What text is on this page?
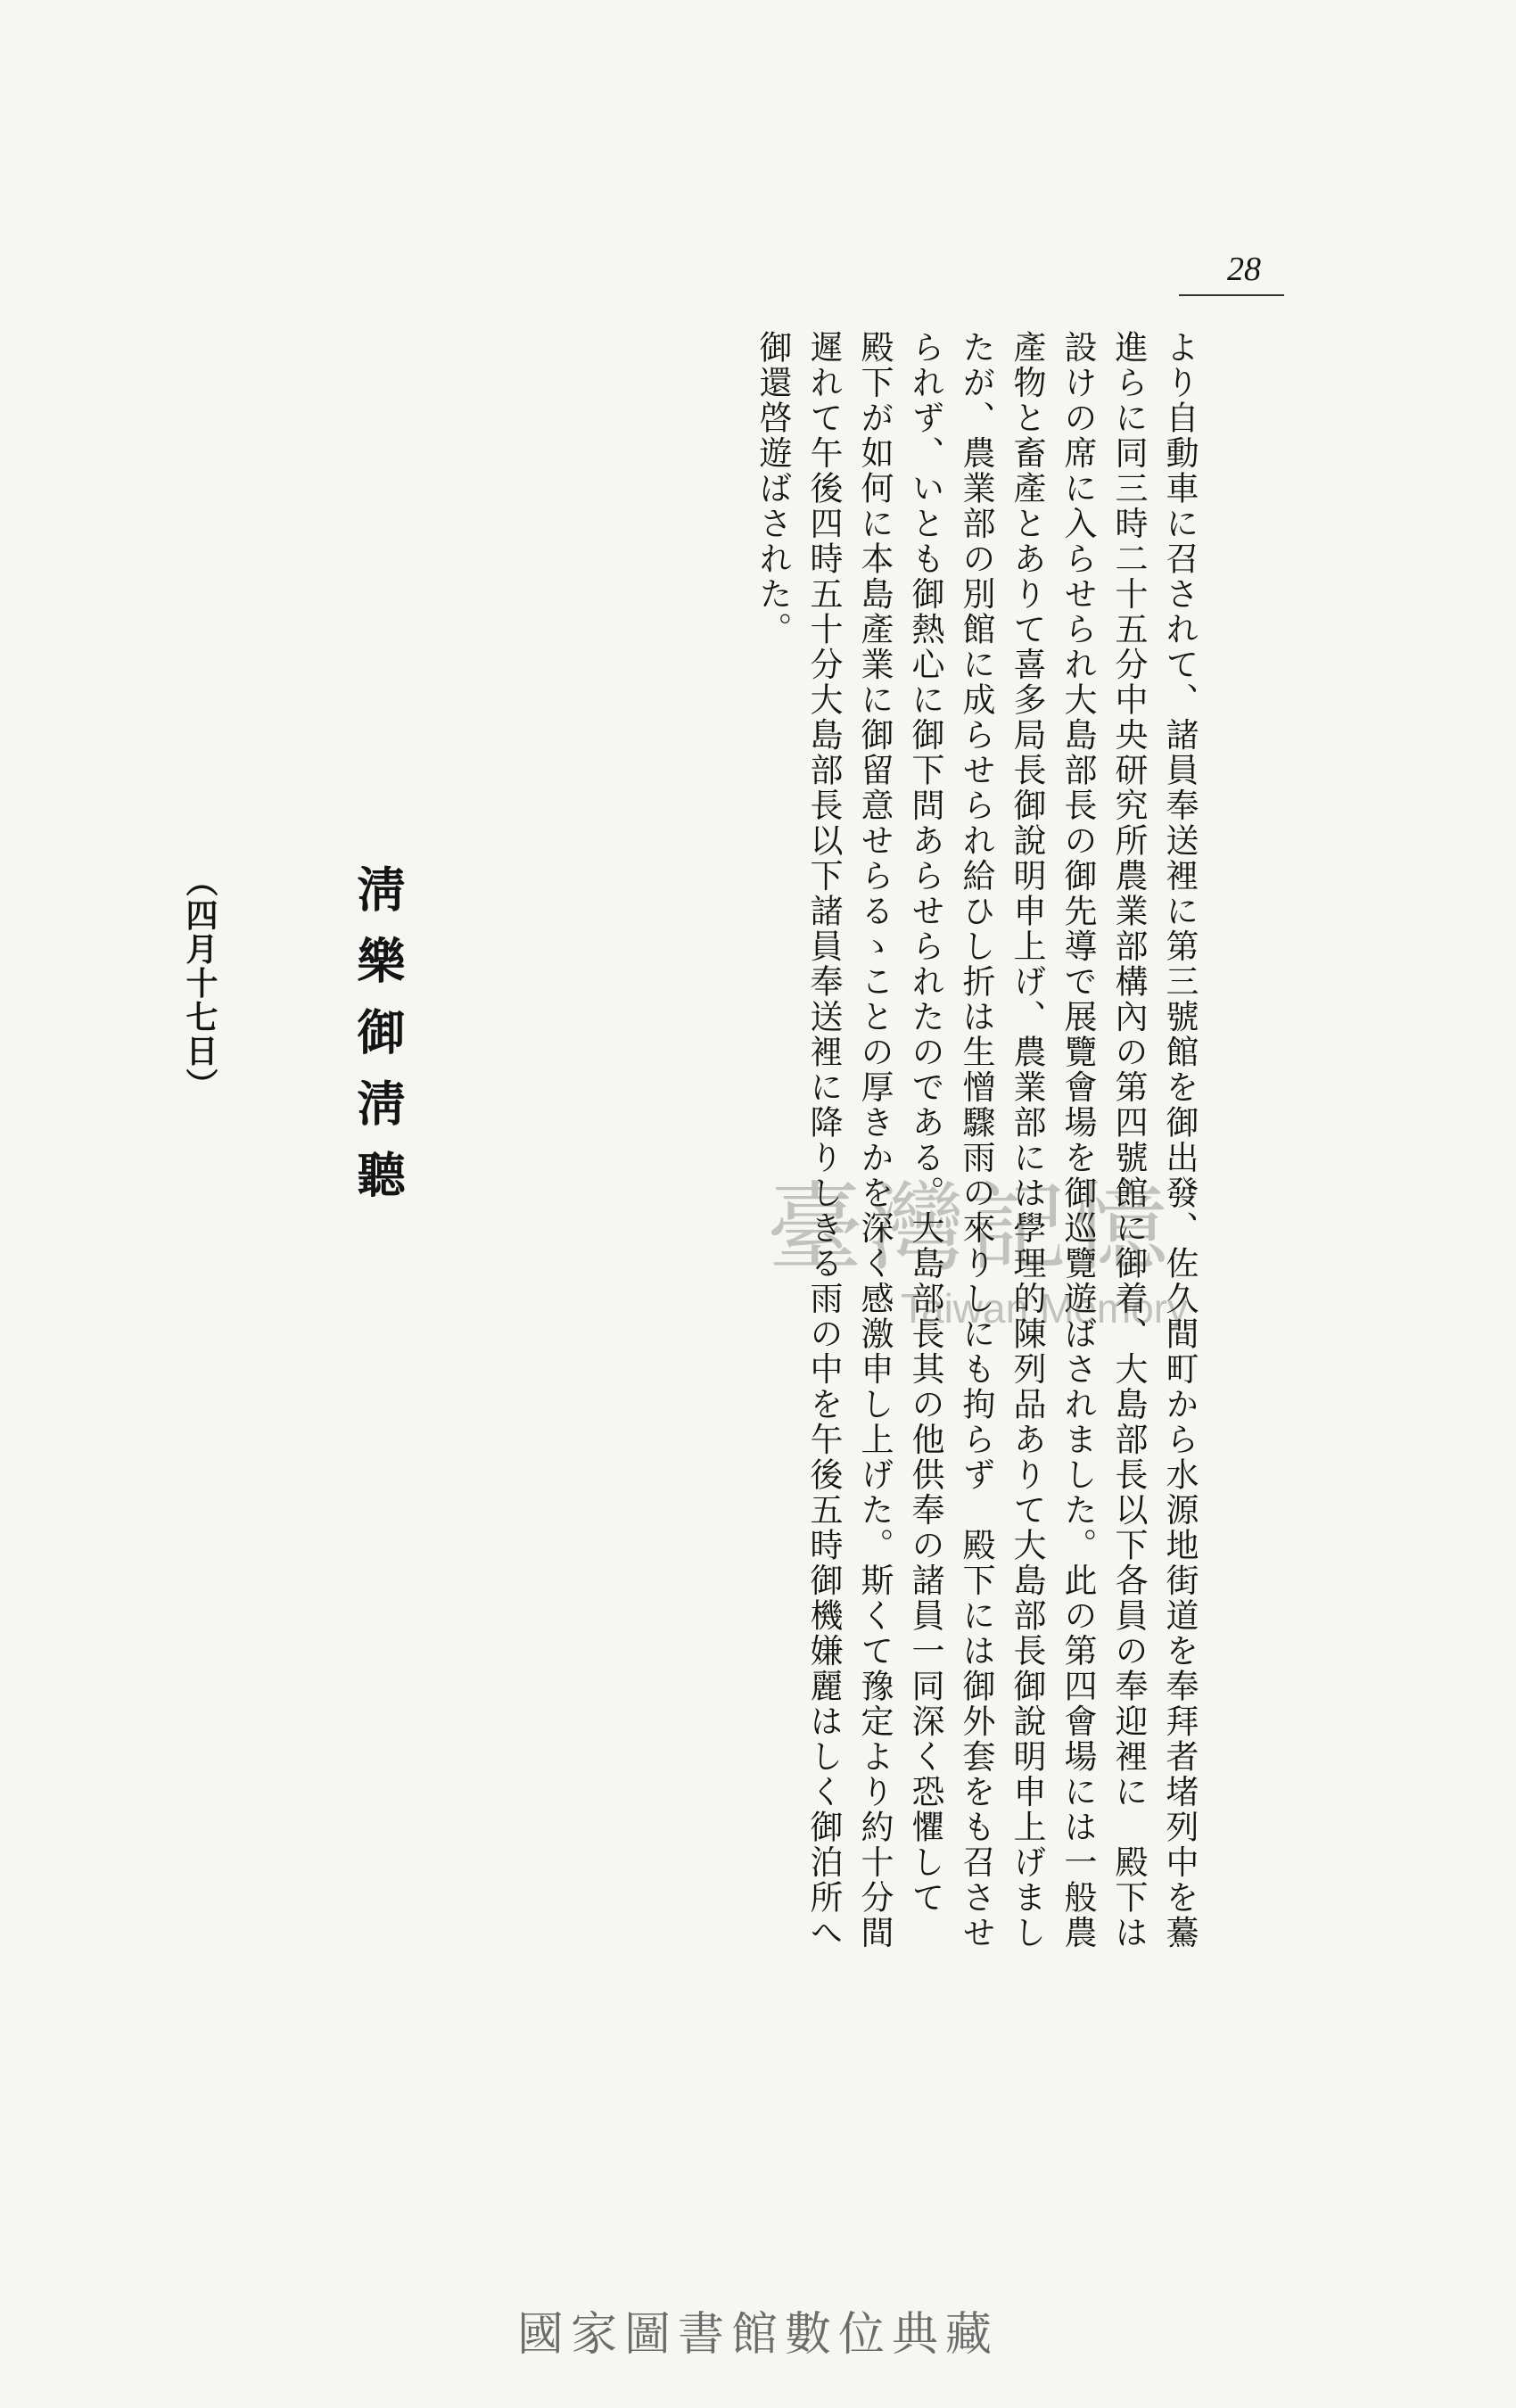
28

より自動車に召されて、諸員奉送裡に第三號館を御出發、佐久間町から水源地街道を奉拜者堵列中を驀進らに同三時二十五分中央研究所農業部構內の第四號館に御着、大島部長以下各員の奉迎裡に　殿下は設けの席に入らせられ大島部長の御先導で展覽會場を御巡覽遊ばされました。此の第四會場には一般農產物と畜產とありて喜多局長御說明申上げ、農業部には學理的陳列品ありて大島部長御說明申上げましたが、農業部の別館に成らせられ給ひし折は生憎驟雨の來りしにも拘らず　殿下には御外套をも召させられず、いとも御熱心に御下問あらせられたのである。大島部長其の他供奉の諸員一同深く恐懼して　殿下が如何に本島產業に御留意せらるゝことの厚きかを深く感激申し上げた。斯くて豫定より約十分間遲れて午後四時五十分大島部長以下諸員奉送裡に降りしきる雨の中を午後五時御機嫌麗はしく御泊所へ御還啓遊ばされた。

淸樂御淸聽
（四月十七日）

臺灣記憶
Taiwan Memory
國家圖書館數位典藏
